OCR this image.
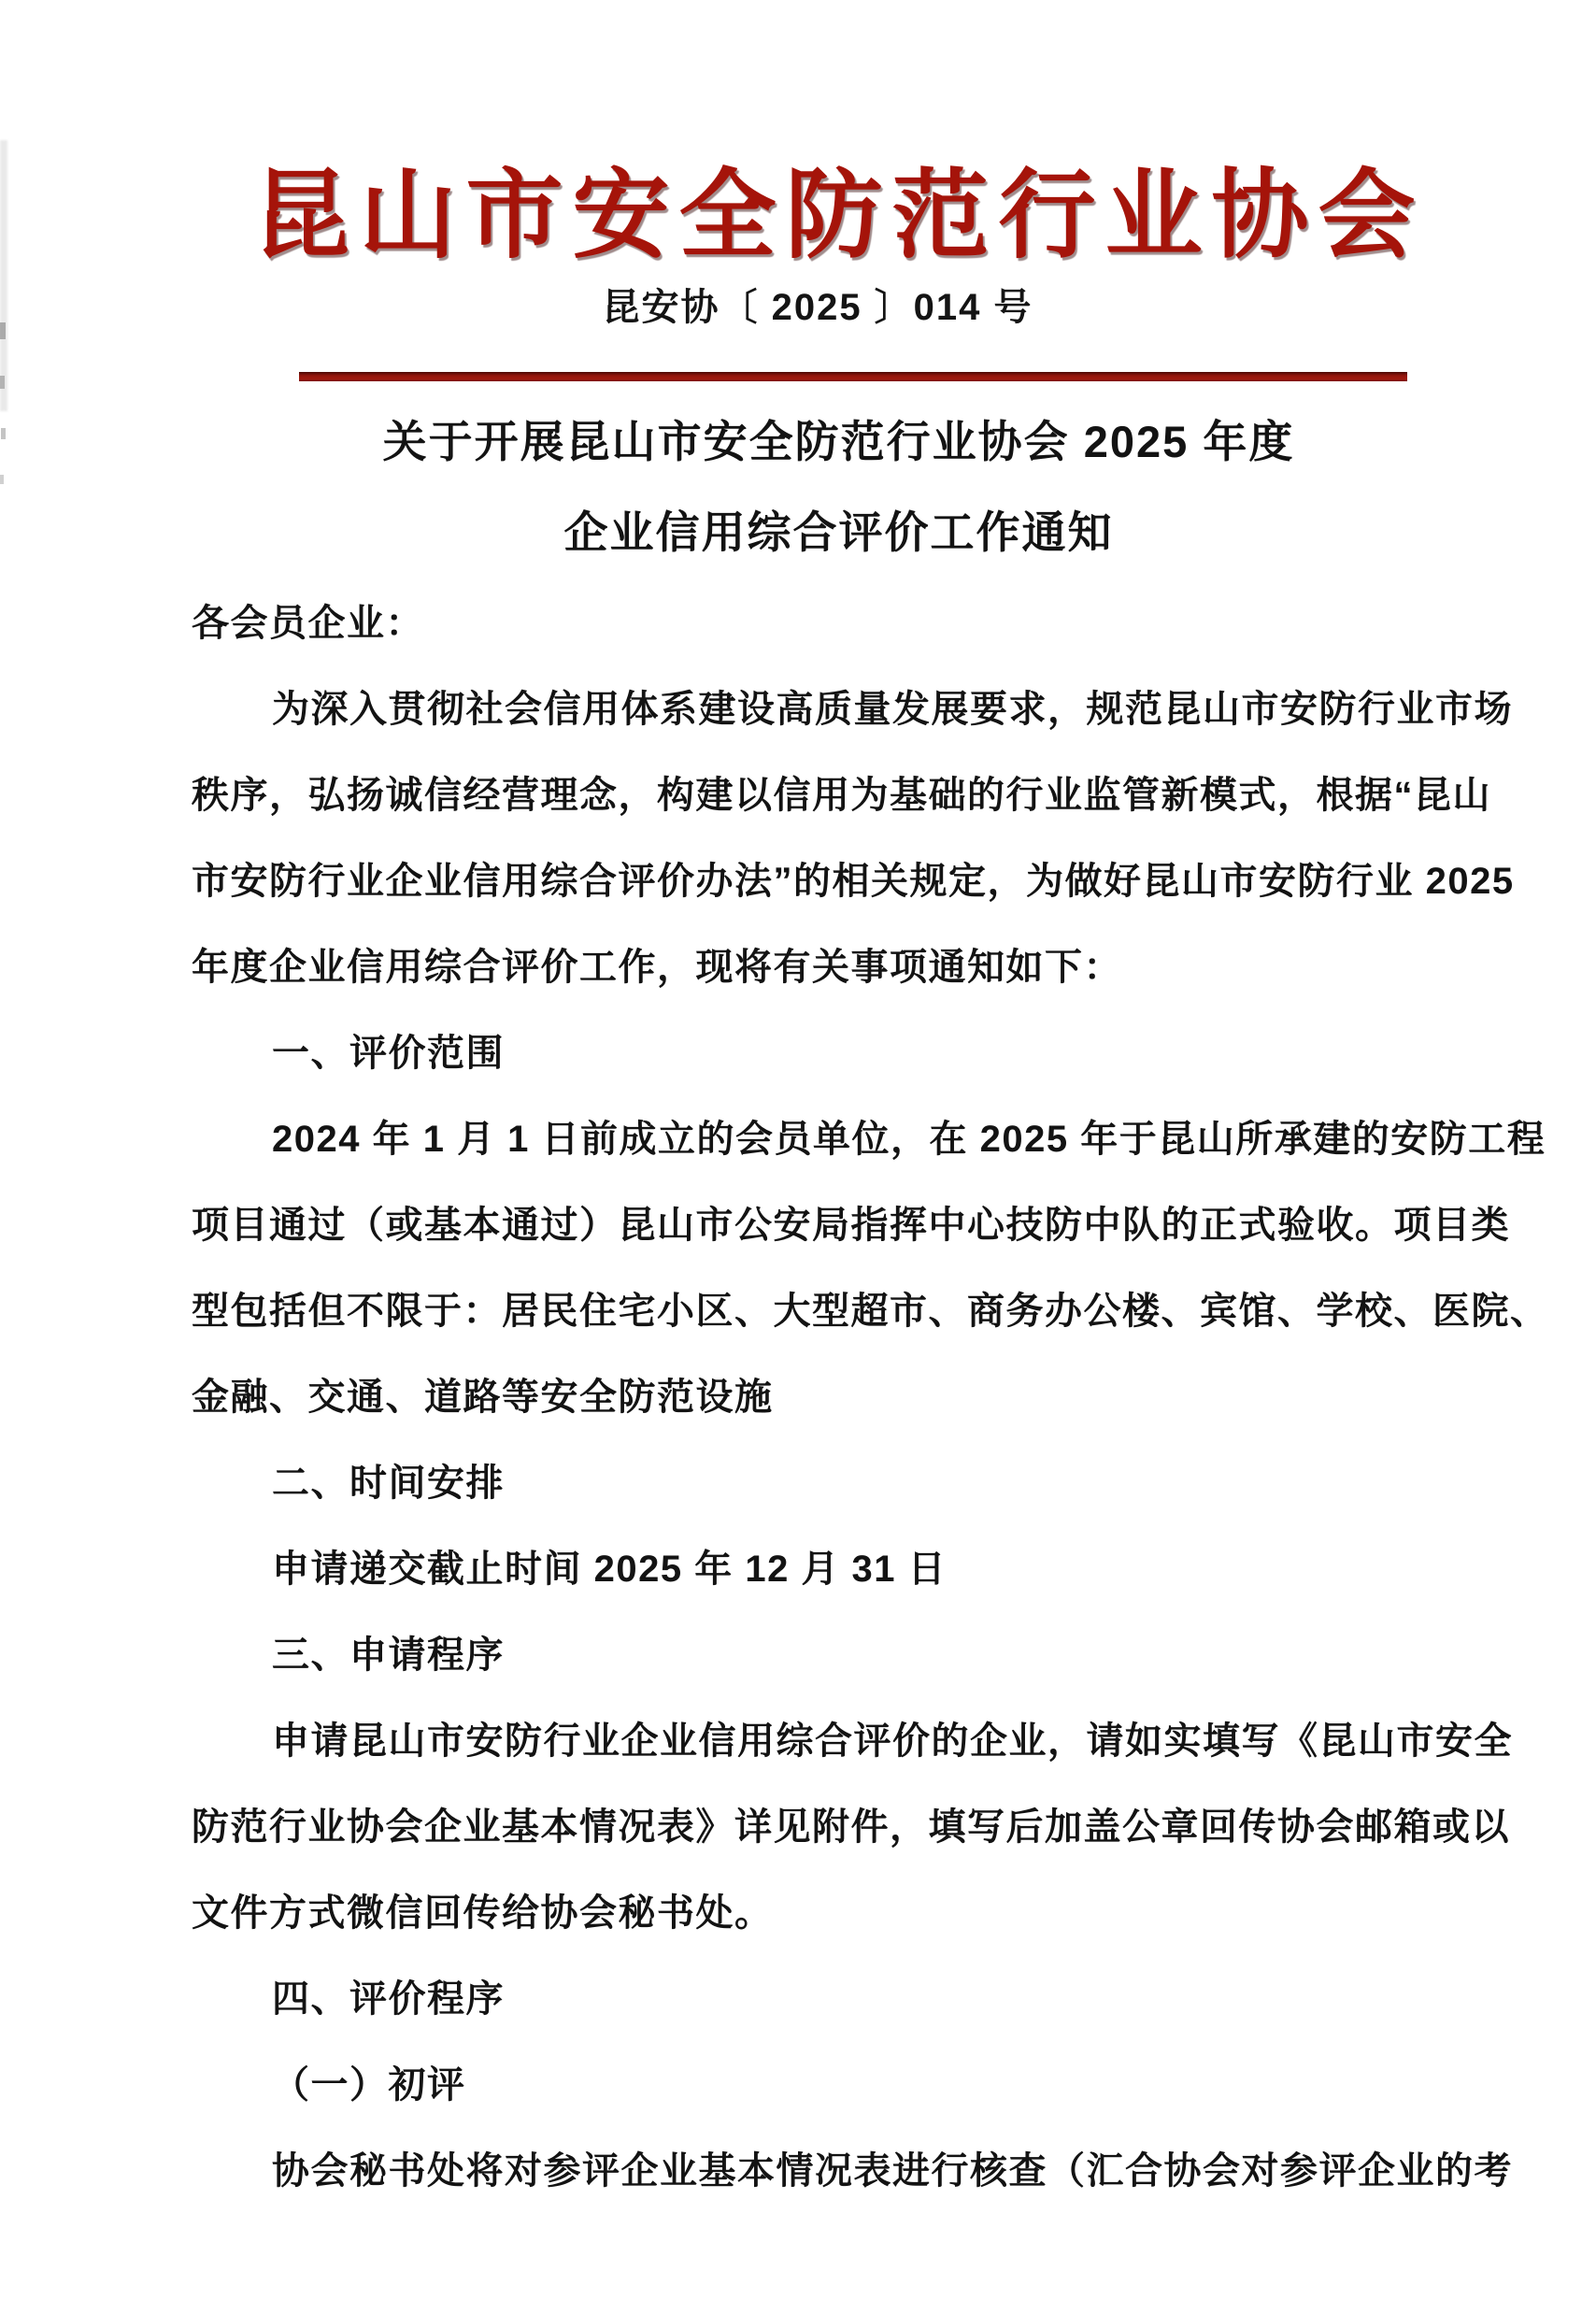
昆山市安全防范行业协会
昆安协〔 2025 〕014 号
关于开展昆山市安全防范行业协会 2025 年度
企业信用综合评价工作通知
各会员企业：
为深入贯彻社会信用体系建设高质量发展要求，规范昆山市安防行业市场
秩序，弘扬诚信经营理念，构建以信用为基础的行业监管新模式，根据“昆山
市安防行业企业信用综合评价办法”的相关规定，为做好昆山市安防行业 2025
年度企业信用综合评价工作，现将有关事项通知如下：
一、评价范围
2024 年 1 月 1 日前成立的会员单位，在 2025 年于昆山所承建的安防工程
项目通过（或基本通过）昆山市公安局指挥中心技防中队的正式验收。项目类
型包括但不限于：居民住宅小区、大型超市、商务办公楼、宾馆、学校、医院、
金融、交通、道路等安全防范设施
二、时间安排
申请递交截止时间 2025 年 12 月 31 日
三、申请程序
申请昆山市安防行业企业信用综合评价的企业，请如实填写《昆山市安全
防范行业协会企业基本情况表》详见附件，填写后加盖公章回传协会邮箱或以
文件方式微信回传给协会秘书处。
四、评价程序
（一）初评
协会秘书处将对参评企业基本情况表进行核查（汇合协会对参评企业的考
